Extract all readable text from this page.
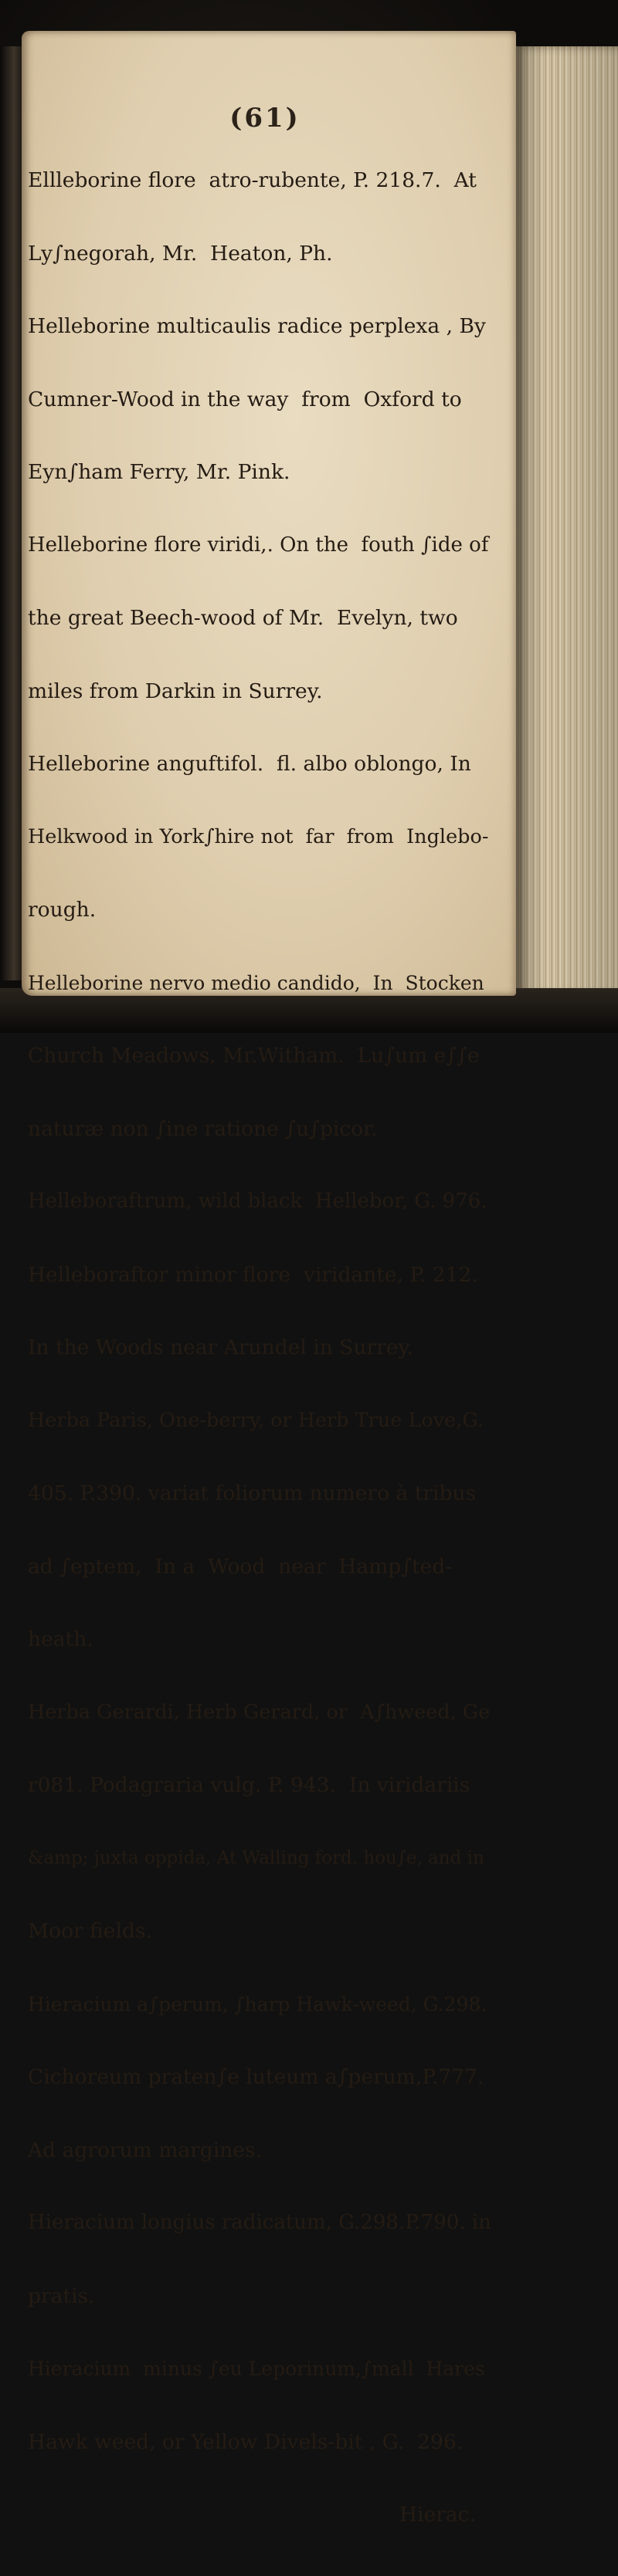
(61)

Ellleborine flore  atro-rubente, P. 218.7.  At

Ly∫negorah, Mr.  Heaton, Ph.

Helleborine multicaulis radice perplexa , By

Cumner-Wood in the way  from  Oxford to

Eyn∫ham Ferry, Mr. Pink.

Helleborine flore viridi,. On the  fouth ∫ide of

the great Beech-wood of Mr.  Evelyn, two

miles from Darkin in Surrey.

Helleborine anguftifol.  fl. albo oblongo, In

Helkwood in York∫hire not  far  from  Inglebo-

rough.

Helleborine nervo medio candido,  In  Stocken

Church Meadows, Mr.Witham.  Lu∫um e∫∫e

naturæ non ∫ine ratione ∫u∫picor.

Helleboraftrum, wild black  Hellebor, G. 976.

Helleboraftor minor flore  viridante, P. 212.

In the Woods near Arundel in Surrey.

Herba Paris, One-berry, or Herb True Love,G.

405. P.390. variat foliorum numero à tribus

ad ∫eptem,  In a  Wood  near  Hamp∫ted-

heath.

Herba Gerardi, Herb Gerard, or  A∫hweed, Ge

r081. Podagraria vulg. P. 943.  In viridariis

&amp; juxta oppida, At Walling ford. hou∫e, and in

Moor fields.

Hieracium a∫perum, ∫harp Hawk-weed, G.298.

Cichoreum praten∫e luteum a∫perum,P.777.

Ad agrorum margines.

Hieracium longius radicatum, G.298.P.790. in

pratis.

Hieracium  minus ∫eu Leporinum,∫mall  Hares

Hawk weed, or Yellow Divels-bit , G.  296.

Hierac.
